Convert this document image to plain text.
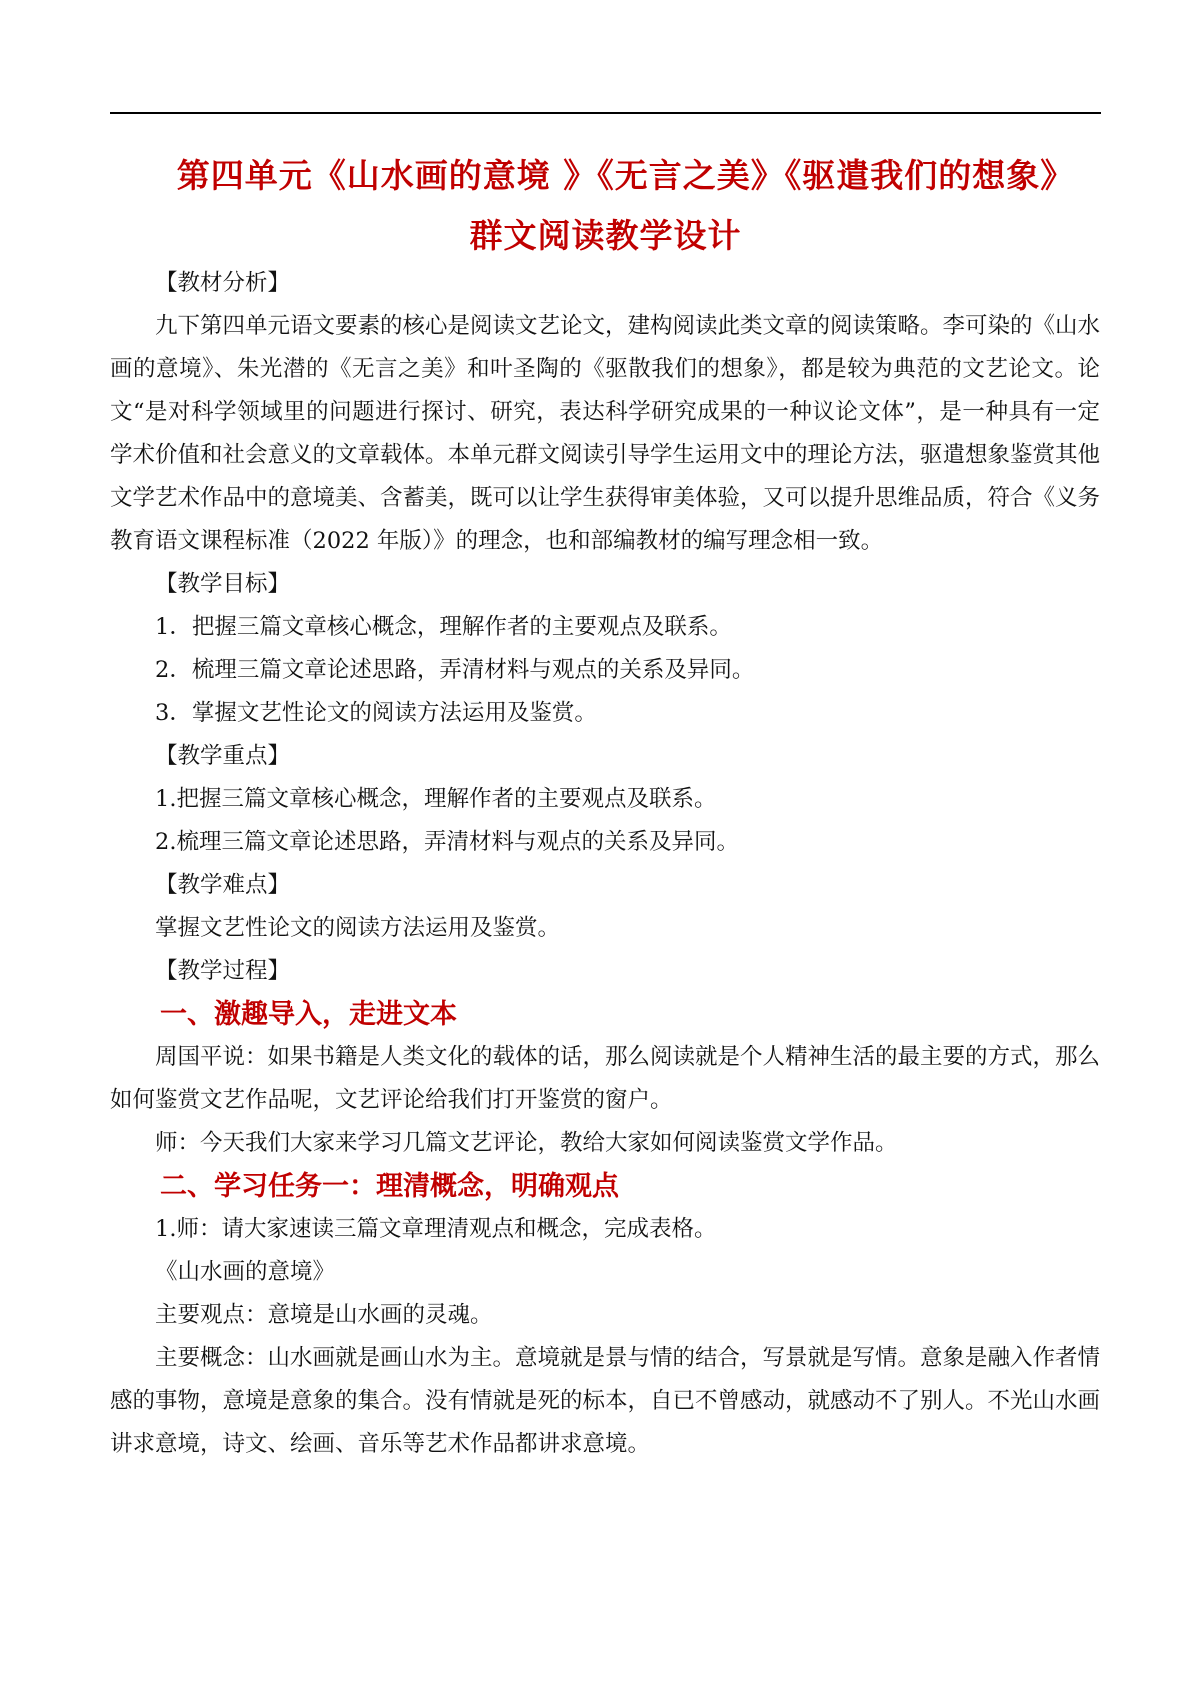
第四单元《山水画的意境 》《无言之美》《驱遣我们的想象》
群文阅读教学设计

【教材分析】

九下第四单元语文要素的核心是阅读文艺论文，建构阅读此类文章的阅读策略。李可染的《山水画的意境》、朱光潜的《无言之美》和叶圣陶的《驱散我们的想象》，都是较为典范的文艺论文。论文“是对科学领域里的问题进行探讨、研究，表达科学研究成果的一种议论文体”，是一种具有一定学术价值和社会意义的文章载体。本单元群文阅读引导学生运用文中的理论方法，驱遣想象鉴赏其他文学艺术作品中的意境美、含蓄美，既可以让学生获得审美体验，又可以提升思维品质，符合《义务教育语文课程标准（2022 年版）》的理念，也和部编教材的编写理念相一致。

【教学目标】

1．把握三篇文章核心概念，理解作者的主要观点及联系。

2．梳理三篇文章论述思路，弄清材料与观点的关系及异同。

3．掌握文艺性论文的阅读方法运用及鉴赏。

【教学重点】

1.把握三篇文章核心概念，理解作者的主要观点及联系。

2.梳理三篇文章论述思路，弄清材料与观点的关系及异同。

【教学难点】

掌握文艺性论文的阅读方法运用及鉴赏。

【教学过程】

一、激趣导入，走进文本

周国平说：如果书籍是人类文化的载体的话，那么阅读就是个人精神生活的最主要的方式，那么如何鉴赏文艺作品呢，文艺评论给我们打开鉴赏的窗户。

师：今天我们大家来学习几篇文艺评论，教给大家如何阅读鉴赏文学作品。

二、学习任务一：理清概念，明确观点

1.师：请大家速读三篇文章理清观点和概念，完成表格。

《山水画的意境》

主要观点：意境是山水画的灵魂。

主要概念：山水画就是画山水为主。意境就是景与情的结合，写景就是写情。意象是融入作者情感的事物，意境是意象的集合。没有情就是死的标本，自已不曾感动，就感动不了别人。不光山水画讲求意境，诗文、绘画、音乐等艺术作品都讲求意境。
